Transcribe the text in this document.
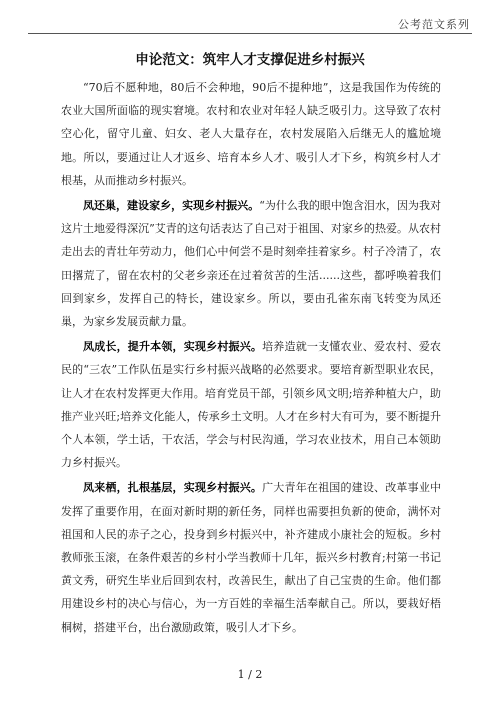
公考范文系列
申论范文：筑牢人才支撑促进乡村振兴

“70后不愿种地，80后不会种地，90后不提种地”，这是我国作为传统的农业大国所面临的现实窘境。农村和农业对年轻人缺乏吸引力。这导致了农村空心化，留守儿童、妇女、老人大量存在，农村发展陷入后继无人的尴尬境地。所以，要通过让人才返乡、培育本乡人才、吸引人才下乡，构筑乡村人才根基，从而推动乡村振兴。

凤还巢，建设家乡，实现乡村振兴。“为什么我的眼中饱含泪水，因为我对这片土地爱得深沉”艾青的这句话表达了自己对于祖国、对家乡的热爱。从农村走出去的青壮年劳动力，他们心中何尝不是时刻牵挂着家乡。村子冷清了，农田撂荒了，留在农村的父老乡亲还在过着贫苦的生活......这些，都呼唤着我们回到家乡，发挥自己的特长，建设家乡。所以，要由孔雀东南飞转变为凤还巢，为家乡发展贡献力量。

凤成长，提升本领，实现乡村振兴。培养造就一支懂农业、爱农村、爱农民的“三农”工作队伍是实行乡村振兴战略的必然要求。要培育新型职业农民，让人才在农村发挥更大作用。培育党员干部，引领乡风文明;培养种植大户，助推产业兴旺;培养文化能人，传承乡土文明。人才在乡村大有可为，要不断提升个人本领，学土话，干农活，学会与村民沟通，学习农业技术，用自己本领助力乡村振兴。

凤来栖，扎根基层，实现乡村振兴。广大青年在祖国的建设、改革事业中发挥了重要作用，在面对新时期的新任务，同样也需要担负新的使命，满怀对祖国和人民的赤子之心，投身到乡村振兴中，补齐建成小康社会的短板。乡村教师张玉滚，在条件艰苦的乡村小学当教师十几年，振兴乡村教育;村第一书记黄文秀，研究生毕业后回到农村，改善民生，献出了自己宝贵的生命。他们都用建设乡村的决心与信心，为一方百姓的幸福生活奉献自己。所以，要栽好梧桐树，搭建平台，出台激励政策，吸引人才下乡。

1 / 2
